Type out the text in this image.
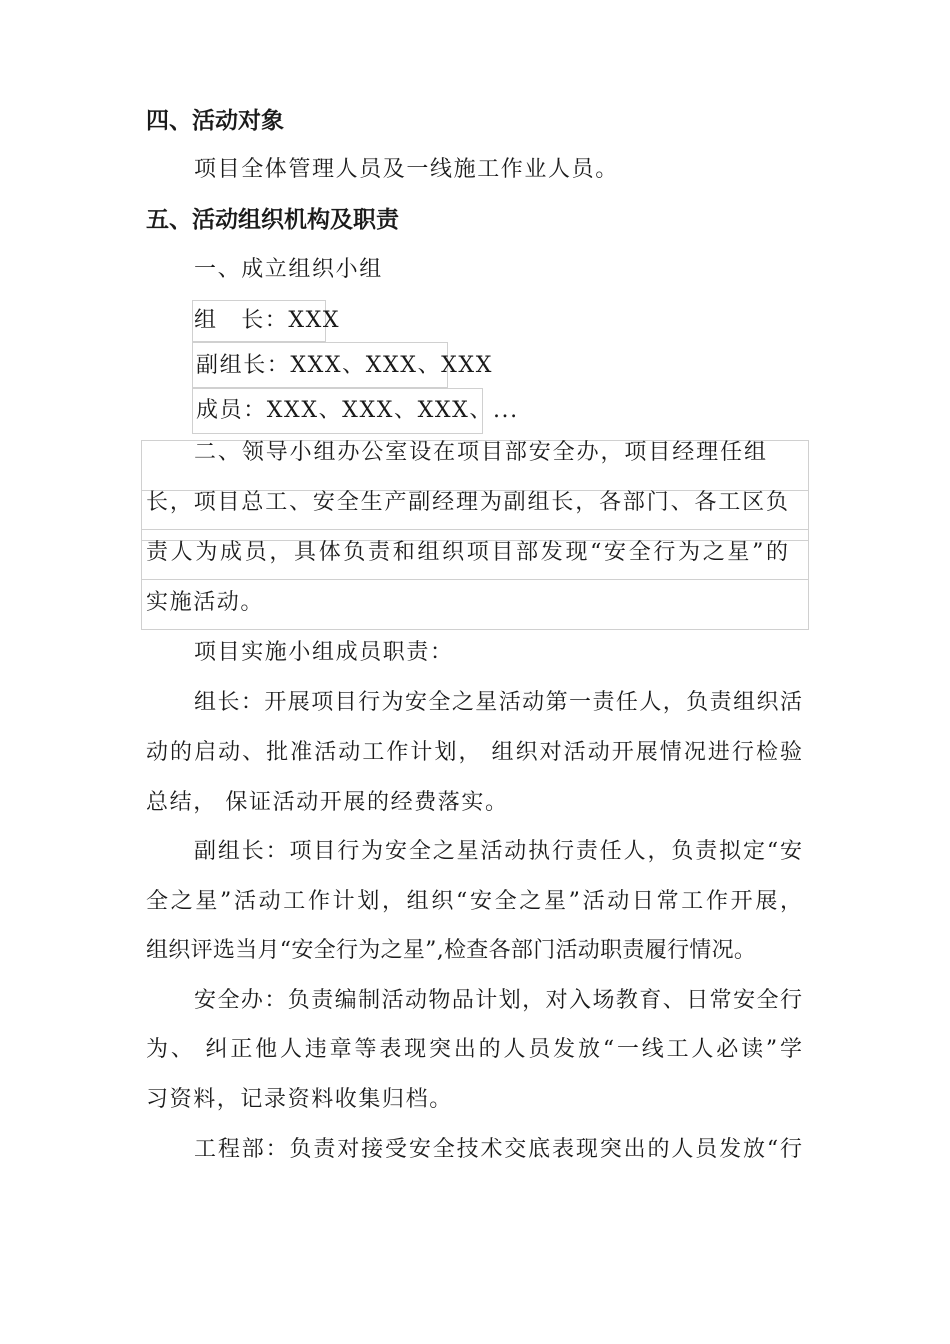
四、活动对象
项目全体管理人员及一线施工作业人员。
五、活动组织机构及职责
一、成立组织小组
组　长：XXX
副组长：XXX、XXX、XXX
成员：XXX、XXX、XXX、...
二、领导小组办公室设在项目部安全办，项目经理任组
长，项目总工、安全生产副经理为副组长，各部门、各工区负
责人为成员，具体负责和组织项目部发现“安全行为之星”的
实施活动。
项目实施小组成员职责：
组长：开展项目行为安全之星活动第一责任人，负责组织活
动的启动、批准活动工作计划， 组织对活动开展情况进行检验
总结， 保证活动开展的经费落实。
副组长：项目行为安全之星活动执行责任人，负责拟定“安
全之星”活动工作计划，组织“安全之星”活动日常工作开展，
组织评选当月“安全行为之星”,检查各部门活动职责履行情况。
安全办：负责编制活动物品计划，对入场教育、日常安全行
为、 纠正他人违章等表现突出的人员发放“一线工人必读”学
习资料，记录资料收集归档。
工程部：负责对接受安全技术交底表现突出的人员发放“行
